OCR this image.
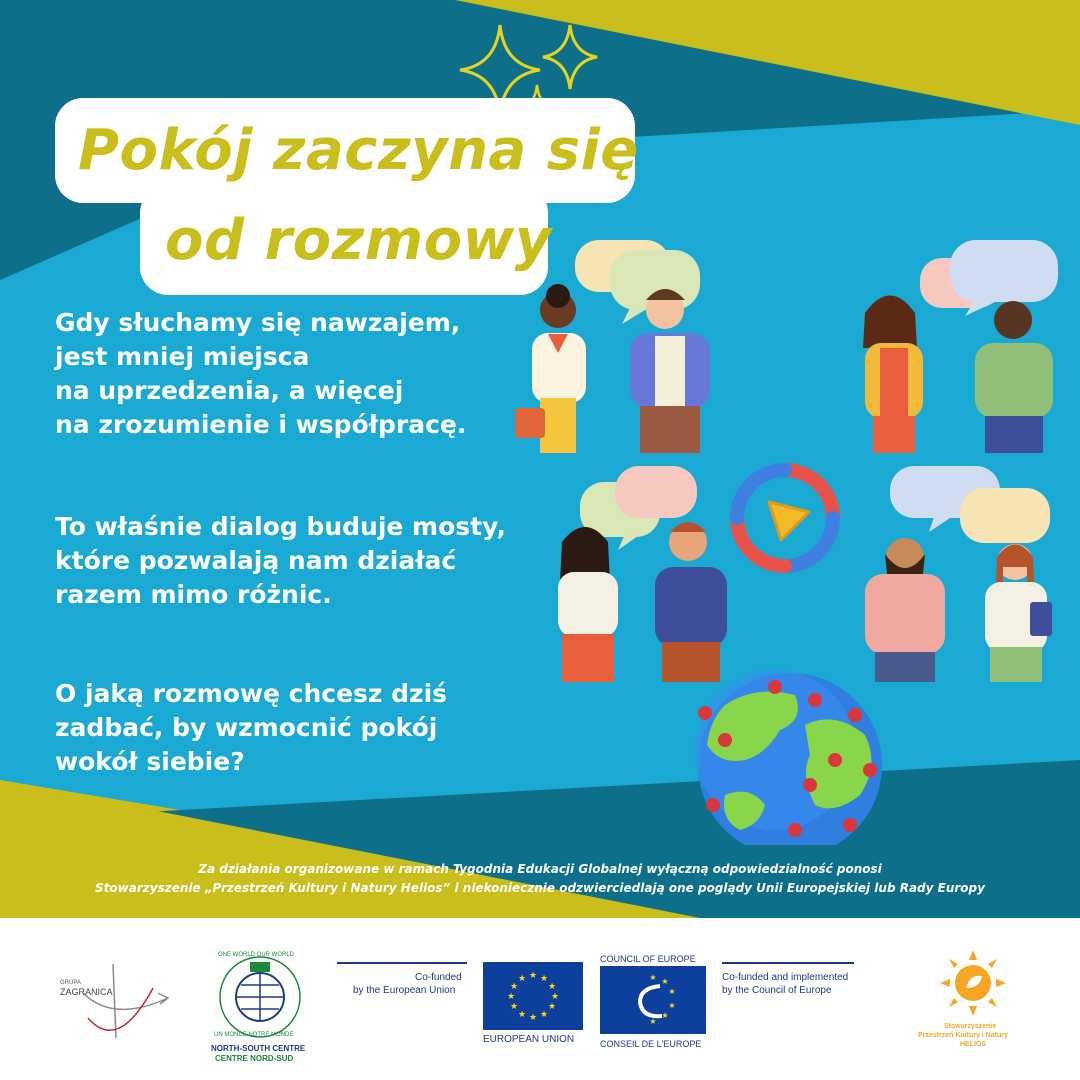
Pokój zaczyna się
od rozmowy
Gdy słuchamy się nawzajem,
jest mniej miejsca
na uprzedzenia, a więcej
na zrozumienie i współpracę.
To właśnie dialog buduje mosty,
które pozwalają nam działać
razem mimo różnic.
O jaką rozmowę chcesz dziś
zadbać, by wzmocnić pokój
wokół siebie?
Za działania organizowane w ramach Tygodnia Edukacji Globalnej wyłączną odpowiedzialność ponosi
Stowarzyszenie „Przestrzeń Kultury i Natury Helios” i niekoniecznie odzwierciedlają one poglądy Unii Europejskiej lub Rady Europy
GRUPA
ZAGRANICA
ONE WORLD OUR WORLD
UN MONDE NOTRE MONDE
NORTH-SOUTH CENTRE
CENTRE NORD-SUD
Co-funded
by the European Union
★ ★
★
★
★
★
★
★
★
★
★
★
EUROPEAN UNION
COUNCIL OF EUROPE
★ ★
★
★
★
★
CONSEIL DE L'EUROPE
Co-funded and implemented
by the Council of Europe
Stowarzyszenie
Przestrzeń Kultury i Natury
HELIOS
